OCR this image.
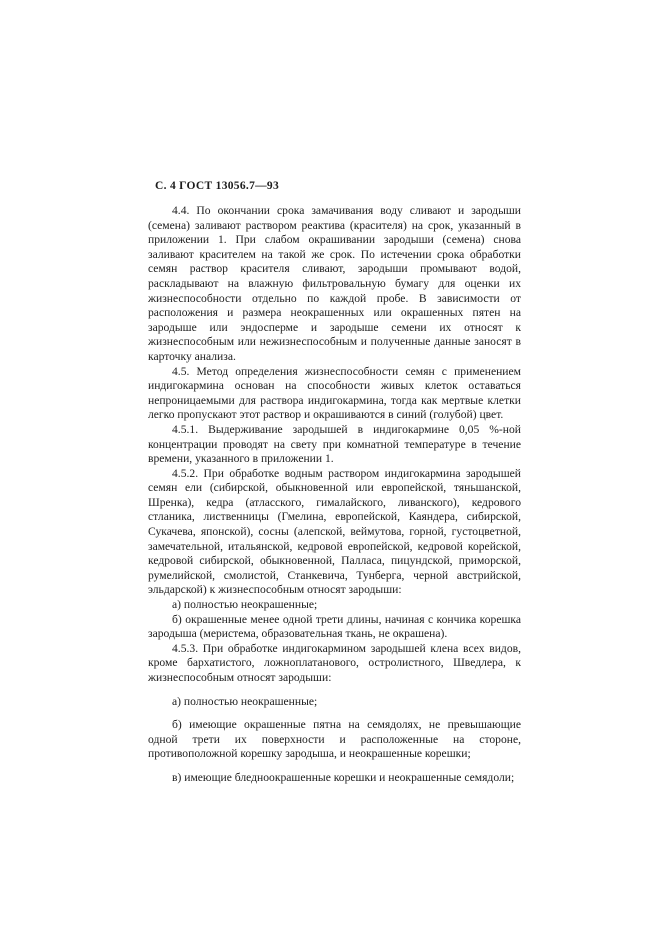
С. 4 ГОСТ 13056.7—93

4.4. По окончании срока замачивания воду сливают и зародыши (семена) заливают раствором реактива (красителя) на срок, указанный в приложении 1. При слабом окрашивании зародыши (семена) снова заливают красителем на такой же срок. По истечении срока обработки семян раствор красителя сливают, зародыши промывают водой, раскладывают на влажную фильтровальную бумагу для оценки их жизнеспособности отдельно по каждой пробе. В зависимости от расположения и размера неокрашенных или окрашенных пятен на зародыше или эндосперме и зародыше семени их относят к жизнеспособным или нежизнеспособным и полученные данные заносят в карточку анализа.

4.5. Метод определения жизнеспособности семян с применением индигокармина основан на способности живых клеток оставаться непроницаемыми для раствора индигокармина, тогда как мертвые клетки легко пропускают этот раствор и окрашиваются в синий (голубой) цвет.

4.5.1. Выдерживание зародышей в индигокармине 0,05 %-ной концентрации проводят на свету при комнатной температуре в течение времени, указанного в приложении 1.

4.5.2. При обработке водным раствором индигокармина зародышей семян ели (сибирской, обыкновенной или европейской, тяньшанской, Шренка), кедра (атласского, гималайского, ливанского), кедрового стланика, лиственницы (Гмелина, европейской, Каяндера, сибирской, Сукачева, японской), сосны (алепской, веймутова, горной, густоцветной, замечательной, итальянской, кедровой европейской, кедровой корейской, кедровой сибирской, обыкновенной, Палласа, пицундской, приморской, румелийской, смолистой, Станкевича, Тунберга, черной австрийской, эльдарской) к жизнеспособным относят зародыши:

а) полностью неокрашенные;

б) окрашенные менее одной трети длины, начиная с кончика корешка зародыша (меристема, образовательная ткань, не окрашена).

4.5.3. При обработке индигокармином зародышей клена всех видов, кроме бархатистого, ложноплатанового, остролистного, Шведлера, к жизнеспособным относят зародыши:

а) полностью неокрашенные;

б) имеющие окрашенные пятна на семядолях, не превышающие одной трети их поверхности и расположенные на стороне, противоположной корешку зародыша, и неокрашенные корешки;

в) имеющие бледноокрашенные корешки и неокрашенные семядоли;
